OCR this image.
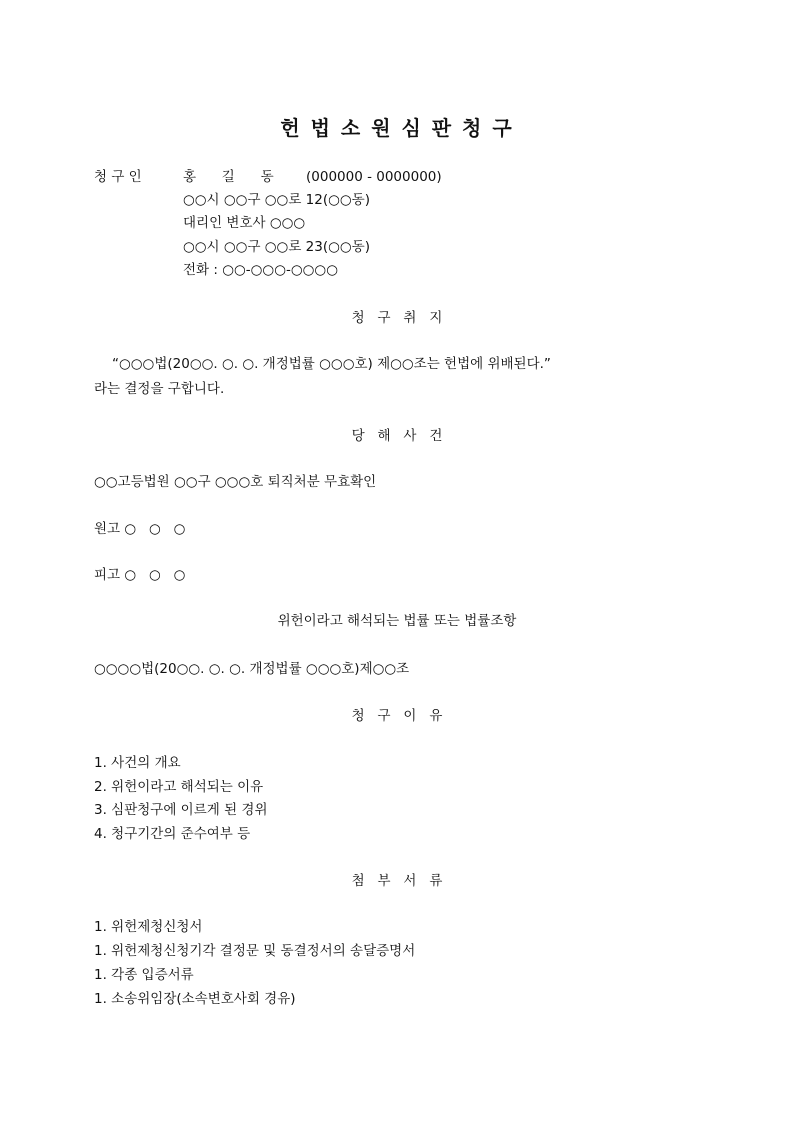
헌 법 소 원 심 판 청 구
청 구 인	홍      길      동 (000000 - 0000000)
○○시 ○○구 ○○로 12(○○동)
대리인 변호사 ○○○
○○시 ○○구 ○○로 23(○○동)
전화 : ○○-○○○-○○○○
청   구   취   지
“○○○법(20○○. ○. ○. 개정법률 ○○○호) 제○○조는 헌법에 위배된다.”
라는 결정을 구합니다.
당   해   사   건
○○고등법원 ○○구 ○○○호 퇴직처분 무효확인
원고 ○   ○   ○
피고 ○   ○   ○
위헌이라고 해석되는 법률 또는 법률조항
○○○○법(20○○. ○. ○. 개정법률 ○○○호)제○○조
청   구   이   유
1. 사건의 개요
2. 위헌이라고 해석되는 이유
3. 심판청구에 이르게 된 경위
4. 청구기간의 준수여부 등
첨   부   서   류
1. 위헌제청신청서
1. 위헌제청신청기각 결정문 및 동결정서의 송달증명서
1. 각종 입증서류
1. 소송위임장(소속변호사회 경유)
